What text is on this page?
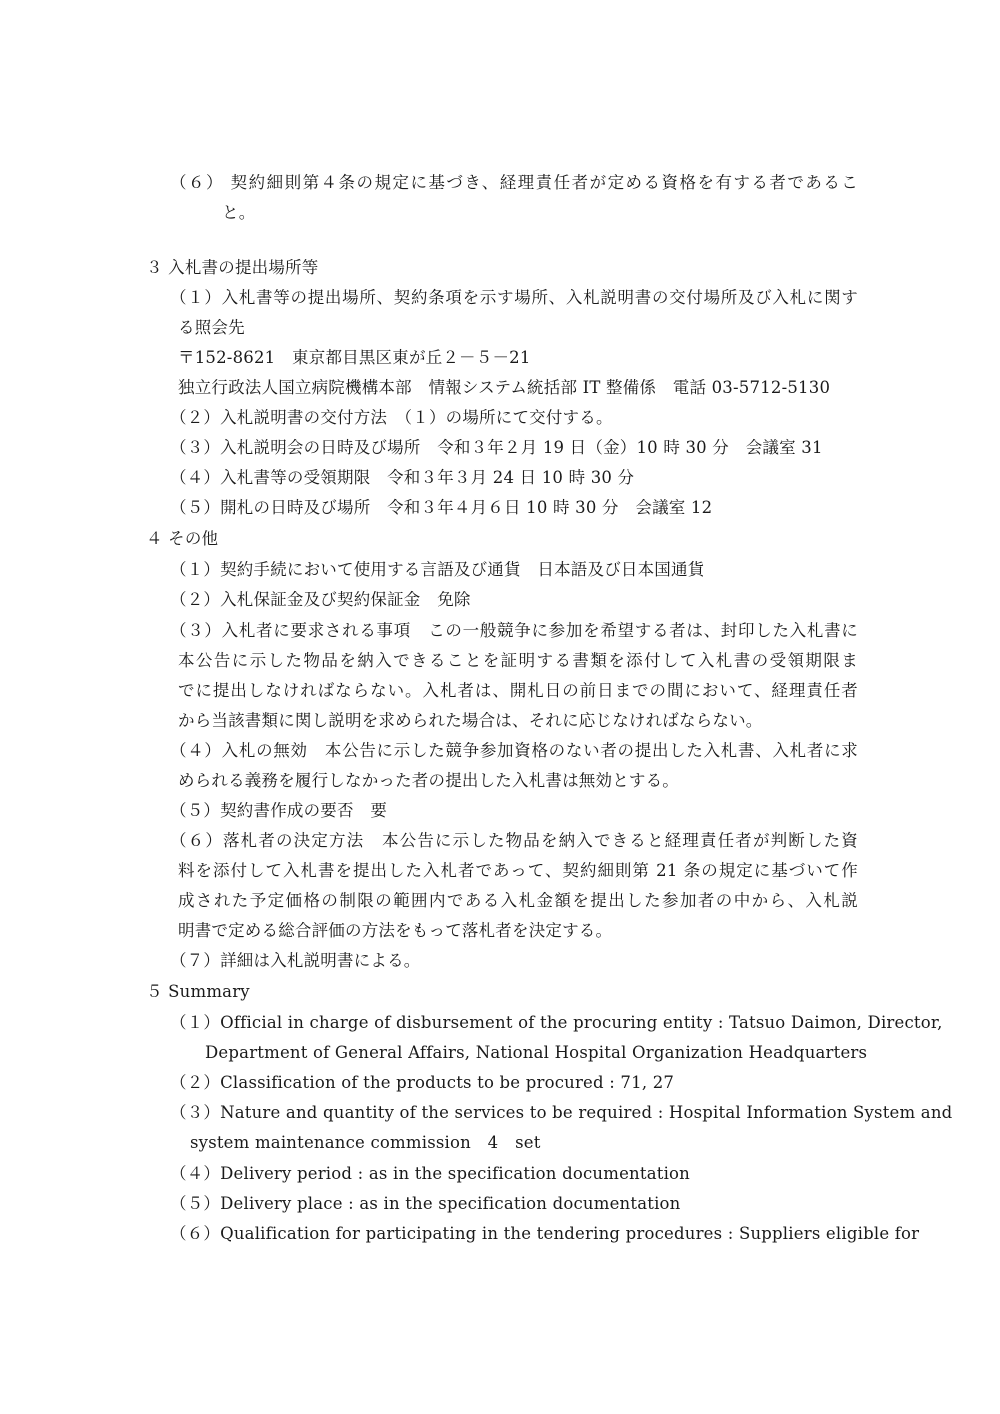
（６） 契約細則第４条の規定に基づき、経理責任者が定める資格を有する者であるこ
と。
３ 入札書の提出場所等
（１）入札書等の提出場所、契約条項を示す場所、入札説明書の交付場所及び入札に関す
る照会先
〒152-8621　東京都目黒区東が丘２－５－21
独立行政法人国立病院機構本部　情報システム統括部 IT 整備係　電話 03-5712-5130
（２）入札説明書の交付方法　（１）の場所にて交付する。
（３）入札説明会の日時及び場所　令和３年２月 19 日（金）10 時 30 分　会議室 31
（４）入札書等の受領期限　令和３年３月 24 日 10 時 30 分
（５）開札の日時及び場所　令和３年４月６日 10 時 30 分　会議室 12
４ その他
（１）契約手続において使用する言語及び通貨　日本語及び日本国通貨
（２）入札保証金及び契約保証金　免除
（３）入札者に要求される事項　この一般競争に参加を希望する者は、封印した入札書に
本公告に示した物品を納入できることを証明する書類を添付して入札書の受領期限ま
でに提出しなければならない。入札者は、開札日の前日までの間において、経理責任者
から当該書類に関し説明を求められた場合は、それに応じなければならない。
（４）入札の無効　本公告に示した競争参加資格のない者の提出した入札書、入札者に求
められる義務を履行しなかった者の提出した入札書は無効とする。
（５）契約書作成の要否　要
（６）落札者の決定方法　本公告に示した物品を納入できると経理責任者が判断した資
料を添付して入札書を提出した入札者であって、契約細則第 21 条の規定に基づいて作
成された予定価格の制限の範囲内である入札金額を提出した参加者の中から、入札説
明書で定める総合評価の方法をもって落札者を決定する。
（７）詳細は入札説明書による。
５ Summary
（１）Official in charge of disbursement of the procuring entity : Tatsuo Daimon, Director,
Department of General Affairs, National Hospital Organization Headquarters
（２）Classification of the products to be procured : 71, 27
（３）Nature and quantity of the services to be required : Hospital Information System and
system maintenance commission　4　set
（４）Delivery period : as in the specification documentation
（５）Delivery place : as in the specification documentation
（６）Qualification for participating in the tendering procedures : Suppliers eligible for
